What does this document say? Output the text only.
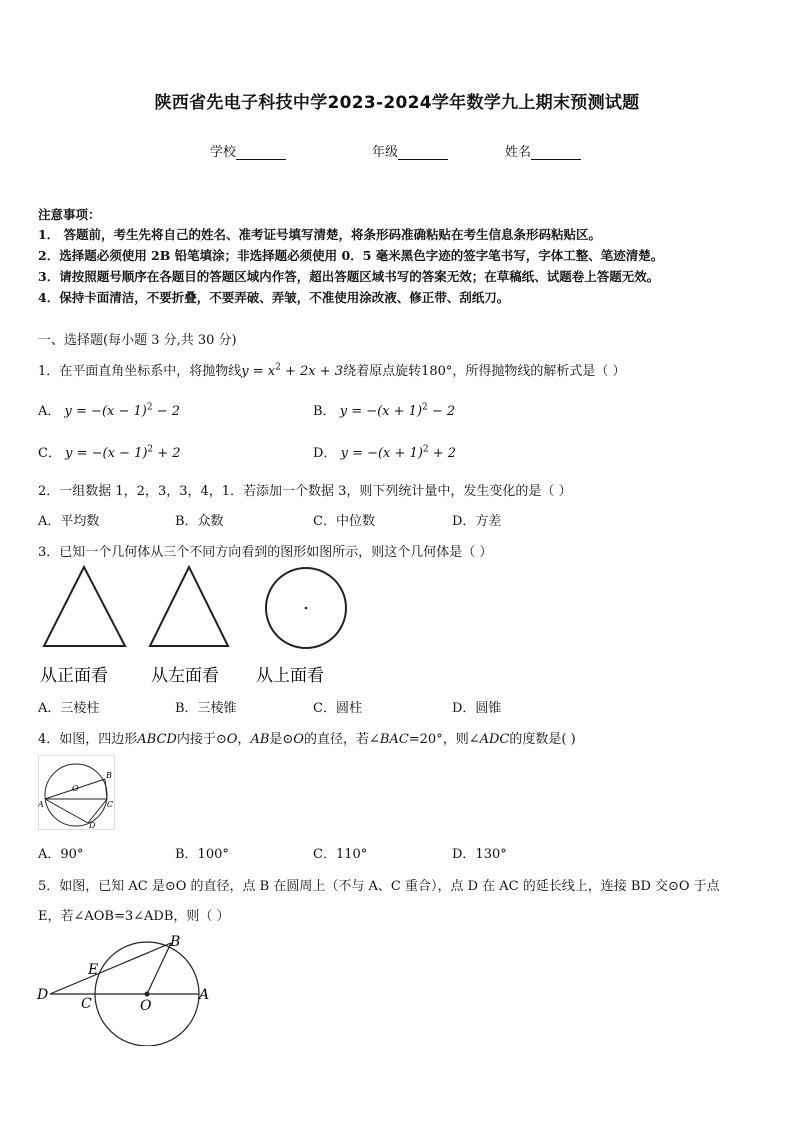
陕西省先电子科技中学2023-2024学年数学九上期末预测试题
学校	年级	姓名
注意事项：
1． 答题前，考生先将自己的姓名、准考证号填写清楚，将条形码准确粘贴在考生信息条形码粘贴区。
2．选择题必须使用 2B 铅笔填涂；非选择题必须使用 0．5 毫米黑色字迹的签字笔书写，字体工整、笔迹清楚。
3．请按照题号顺序在各题目的答题区域内作答，超出答题区域书写的答案无效；在草稿纸、试题卷上答题无效。
4．保持卡面清洁，不要折叠，不要弄破、弄皱，不准使用涂改液、修正带、刮纸刀。
一、选择题(每小题 3 分,共 30 分)
1．在平面直角坐标系中，将抛物线$y = x^2 + 2x + 3$绕着原点旋转180°，所得抛物线的解析式是（ ）
A． $y = -(x - 1)^2 - 2$	B． $y = -(x + 1)^2 - 2$
C． $y = -(x - 1)^2 + 2$	D． $y = -(x + 1)^2 + 2$
2．一组数据 1，2，3，3，4，1．若添加一个数据 3，则下列统计量中，发生变化的是（ ）
A．平均数	B．众数	C．中位数	D．方差
3．已知一个几何体从三个不同方向看到的图形如图所示，则这个几何体是（ ）
从正面看	从左面看 从上面看
A．三棱柱	B．三棱锥	C．圆柱	D．圆锥
4．如图，四边形ABCD内接于⊙O，AB是⊙O的直径，若∠BAC=20°，则∠ADC的度数是( )
A
B
C
D
O
A．90°	B．100°	C．110°	D．130°
5．如图，已知 AC 是⊙O 的直径，点 B 在圆周上（不与 A、C 重合），点 D 在 AC 的延长线上，连接 BD 交⊙O 于点
E，若∠AOB=3∠ADB，则（ ）
D
C
E
B
A
O
